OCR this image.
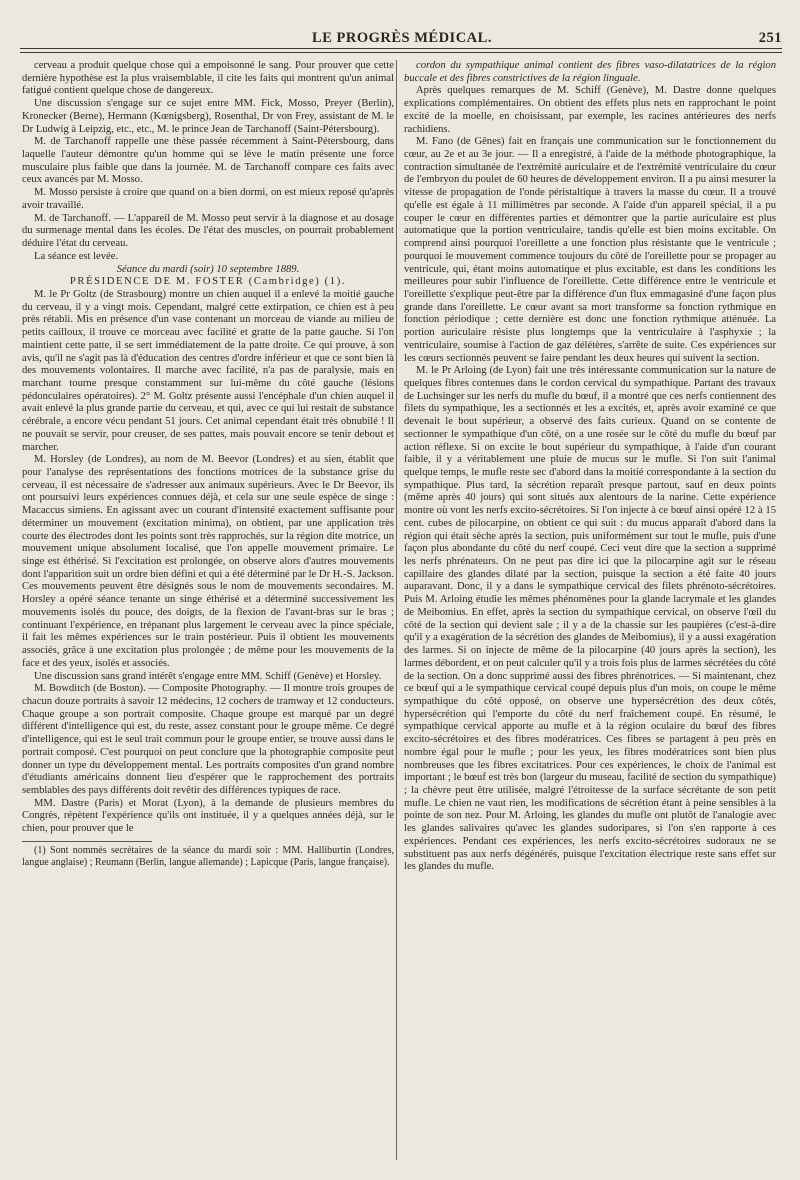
LE PROGRÈS MÉDICAL.	251

cerveau a produit quelque chose qui a empoisonné le sang. Pour prouver que cette dernière hypothèse est la plus vraisemblable, il cite les faits qui montrent qu'un animal fatigué contient quelque chose de dangereux.

Une discussion s'engage sur ce sujet entre MM. Fick, Mosso, Preyer (Berlin), Kronecker (Berne), Hermann (Kœnigsberg), Rosenthal, Dr von Frey, assistant de M. le Dr Ludwig à Leipzig, etc., etc., M. le prince Jean de Tarchanoff (Saint-Pétersbourg).

M. de Tarchanoff rappelle une thèse passée récemment à Saint-Pétersbourg, dans laquelle l'auteur démontre qu'un homme qui se lève le matin présente une force musculaire plus faible que dans la journée. M. de Tarchanoff compare ces faits avec ceux avancés par M. Mosso.

M. Mosso persiste à croire que quand on a bien dormi, on est mieux reposé qu'après avoir travaillé.

M. de Tarchanoff. — L'appareil de M. Mosso peut servir à la diagnose et au dosage du surmenage mental dans les écoles. De l'état des muscles, on pourrait probablement déduire l'état du cerveau.

La séance est levée.

Séance du mardi (soir) 10 septembre 1889.

PRÉSIDENCE DE M. FOSTER (Cambridge) (1).

M. le Pr Goltz (de Strasbourg) montre un chien auquel il a enlevé la moitié gauche du cerveau, il y a vingt mois. Cependant, malgré cette extirpation, ce chien est à peu près rétabli. Mis en présence d'un vase contenant un morceau de viande au milieu de petits cailloux, il trouve ce morceau avec facilité et gratte de la patte gauche. Si l'on maintient cette patte, il se sert immédiatement de la patte droite. Ce qui prouve, à son avis, qu'il ne s'agit pas là d'éducation des centres d'ordre inférieur et que ce sont bien là des mouvements volontaires. Il marche avec facilité, n'a pas de paralysie, mais en marchant tourne presque constamment sur lui-même du côté gauche (lésions pédonculaires opératoires). 2° M. Goltz présente aussi l'encéphale d'un chien auquel il avait enlevé la plus grande partie du cerveau, et qui, avec ce qui lui restait de substance cérébrale, a encore vécu pendant 51 jours. Cet animal cependant était très obnubilé ! Il ne pouvait se servir, pour creuser, de ses pattes, mais pouvait encore se tenir debout et marcher.

M. Horsley (de Londres), au nom de M. Beevor (Londres) et au sien, établit que pour l'analyse des représentations des fonctions motrices de la substance grise du cerveau, il est nécessaire de s'adresser aux animaux supérieurs. Avec le Dr Beevor, ils ont poursuivi leurs expériences connues déjà, et cela sur une seule espèce de singe : Macaccus simiens. En agissant avec un courant d'intensité exactement suffisante pour déterminer un mouvement (excitation minima), on obtient, par une application très courte des électrodes dont les points sont très rapprochés, sur la région dite motrice, un mouvement unique absolument localisé, que l'on appelle mouvement primaire. Le singe est éthérisé. Si l'excitation est prolongée, on observe alors d'autres mouvements dont l'apparition suit un ordre bien défini et qui a été déterminé par le Dr H.-S. Jackson. Ces mouvements peuvent être désignés sous le nom de mouvements secondaires. M. Horsley a opéré séance tenante un singe éthérisé et a déterminé successivement les mouvements isolés du pouce, des doigts, de la flexion de l'avant-bras sur le bras ; continuant l'expérience, en trépanant plus largement le cerveau avec la pince spéciale, il fait les mêmes expériences sur le train postérieur. Puis il obtient les mouvements associés, grâce à une excitation plus prolongée ; de même pour les mouvements de la face et des yeux, isolés et associés.

Une discussion sans grand intérêt s'engage entre MM. Schiff (Genève) et Horsley.

M. Bowditch (de Boston). — Composite Photography. — Il montre trois groupes de chacun douze portraits à savoir 12 médecins, 12 cochers de tramway et 12 conducteurs. Chaque groupe a son portrait composite. Chaque groupe est marqué par un degré différent d'intelligence qui est, du reste, assez constant pour le groupe même. Ce degré d'intelligence, qui est le seul trait commun pour le groupe entier, se trouve aussi dans le portrait composé. C'est pourquoi on peut conclure que la photographie composite peut donner un type du développement mental. Les portraits composites d'un grand nombre d'étudiants américains donnent lieu d'espérer que le rapprochement des portraits semblables des pays différents doit revêtir des différences typiques de race.

MM. Dastre (Paris) et Morat (Lyon), à la demande de plusieurs membres du Congrès, répètent l'expérience qu'ils ont instituée, il y a quelques années déjà, sur le chien, pour prouver que le

(1) Sont nommés secrétaires de la séance du mardi soir : MM. Halliburtin (Londres, langue anglaise) ; Reumann (Berlin, langue allemande) ; Lapicque (Paris, langue française).

cordon du sympathique animal contient des fibres vaso-dilatatrices de la région buccale et des fibres constrictives de la région linguale.

Après quelques remarques de M. Schiff (Genève), M. Dastre donne quelques explications complémentaires. On obtient des effets plus nets en rapprochant le point excité de la moelle, en choisissant, par exemple, les racines antérieures des nerfs rachidiens.

M. Fano (de Gênes) fait en français une communication sur le fonctionnement du cœur, au 2e et au 3e jour. — Il a enregistré, à l'aide de la méthode photographique, la contraction simultanée de l'extrémité auriculaire et de l'extrémité ventriculaire du cœur de l'embryon du poulet de 60 heures de développement environ. Il a pu ainsi mesurer la vitesse de propagation de l'onde péristaltique à travers la masse du cœur. Il a trouvé qu'elle est égale à 11 millimètres par seconde. A l'aide d'un appareil spécial, il a pu couper le cœur en différentes parties et démontrer que la partie auriculaire est plus automatique que la portion ventriculaire, tandis qu'elle est bien moins excitable. On comprend ainsi pourquoi l'oreillette a une fonction plus résistante que le ventricule ; pourquoi le mouvement commence toujours du côté de l'oreillette pour se propager au ventricule, qui, étant moins automatique et plus excitable, est dans les conditions les meilleures pour subir l'influence de l'oreillette. Cette différence entre le ventricule et l'oreillette s'explique peut-être par la différence d'un flux emmagasiné d'une façon plus grande dans l'oreillette. Le cœur avant sa mort transforme sa fonction rythmique en fonction périodique ; cette dernière est donc une fonction rythmique atténuée. La portion auriculaire résiste plus longtemps que la ventriculaire à l'asphyxie ; la ventriculaire, soumise à l'action de gaz délétères, s'arrête de suite. Ces expériences sur les cœurs sectionnés peuvent se faire pendant les deux heures qui suivent la section.

M. le Pr Arloing (de Lyon) fait une très intéressante communication sur la nature de quelques fibres contenues dans le cordon cervical du sympathique. Partant des travaux de Luchsinger sur les nerfs du mufle du bœuf, il a montré que ces nerfs contiennent des filets du sympathique, les a sectionnés et les a excités, et, après avoir examiné ce que devenait le bout supérieur, a observé des faits curieux. Quand on se contente de sectionner le sympathique d'un côté, on a une rosée sur le côté du mufle du bœuf par action réflexe. Si on excite le bout supérieur du sympathique, à l'aide d'un courant faible, il y a véritablement une pluie de mucus sur le mufle. Si l'on suit l'animal quelque temps, le mufle reste sec d'abord dans la moitié correspondante à la section du sympathique. Plus tard, la sécrétion reparaît presque partout, sauf en deux points (même après 40 jours) qui sont situés aux alentours de la narine. Cette expérience montre où vont les nerfs excito-sécrétoires. Si l'on injecte à ce bœuf ainsi opéré 12 à 15 cent. cubes de pilocarpine, on obtient ce qui suit : du mucus apparaît d'abord dans la région qui était sèche après la section, puis uniformément sur tout le mufle, puis d'une façon plus abondante du côté du nerf coupé. Ceci veut dire que la section a supprimé les nerfs phrénateurs. On ne peut pas dire ici que la pilocarpine agit sur le réseau capillaire des glandes dilaté par la section, puisque la section a été faite 40 jours auparavant. Donc, il y a dans le sympathique cervical des filets phrénoto-sécrétoires. Puis M. Arloing étudie les mêmes phénomènes pour la glande lacrymale et les glandes de Meibomius. En effet, après la section du sympathique cervical, on observe l'œil du côté de la section qui devient sale ; il y a de la chassie sur les paupières (c'est-à-dire qu'il y a exagération de la sécrétion des glandes de Meibomius), il y a aussi exagération des larmes. Si on injecte de même de la pilocarpine (40 jours après la section), les larmes débordent, et on peut calculer qu'il y a trois fois plus de larmes sécrétées du côté de la section. On a donc supprimé aussi des fibres phrénotrices. — Si maintenant, chez ce bœuf qui a le sympathique cervical coupé depuis plus d'un mois, on coupe le même sympathique du côté opposé, on observe une hypersécrétion des deux côtés, hypersécrétion qui l'emporte du côté du nerf fraîchement coupé. En résumé, le sympathique cervical apporte au mufle et à la région oculaire du bœuf des fibres excito-sécrétoires et des fibres modératrices. Ces fibres se partagent à peu près en nombre égal pour le mufle ; pour les yeux, les fibres modératrices sont bien plus nombreuses que les fibres excitatrices. Pour ces expériences, le choix de l'animal est important ; le bœuf est très bon (largeur du museau, facilité de section du sympathique) ; la chèvre peut être utilisée, malgré l'étroitesse de la surface sécrétante de son petit mufle. Le chien ne vaut rien, les modifications de sécrétion étant à peine sensibles à la pointe de son nez. Pour M. Arloing, les glandes du mufle ont plutôt de l'analogie avec les glandes salivaires qu'avec les glandes sudoripares, si l'on s'en rapporte à ces expériences. Pendant ces expériences, les nerfs excito-sécrétoires sudoraux ne se substituent pas aux nerfs dégénérés, puisque l'excitation électrique reste sans effet sur les glandes du mufle.
